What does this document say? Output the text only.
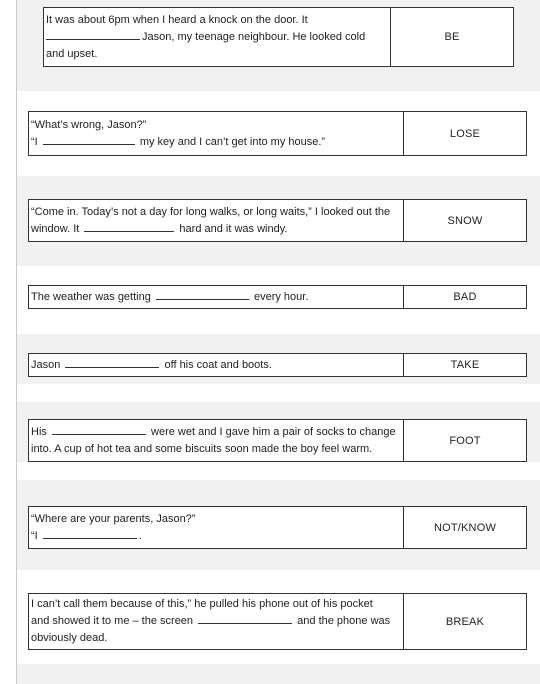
It was about 6pm when I heard a knock on the door. It
Jason, my teenage neighbour. He looked cold
and upset.
BE
“What’s wrong, Jason?”
“I	my key and I can’t get into my house.”
LOSE
“Come in. Today’s not a day for long walks, or long waits,” I looked out the
window. It	hard and it was windy.
SNOW
The weather was getting	every hour.	BAD
Jason	off his coat and boots.	TAKE
His	were wet and I gave him a pair of socks to change
into. A cup of hot tea and some biscuits soon made the boy feel warm.
FOOT
“Where are your parents, Jason?”
“I	.
NOT/KNOW
I can’t call them because of this,” he pulled his phone out of his pocket
and showed it to me – the screen	and the phone was
obviously dead.
BREAK
